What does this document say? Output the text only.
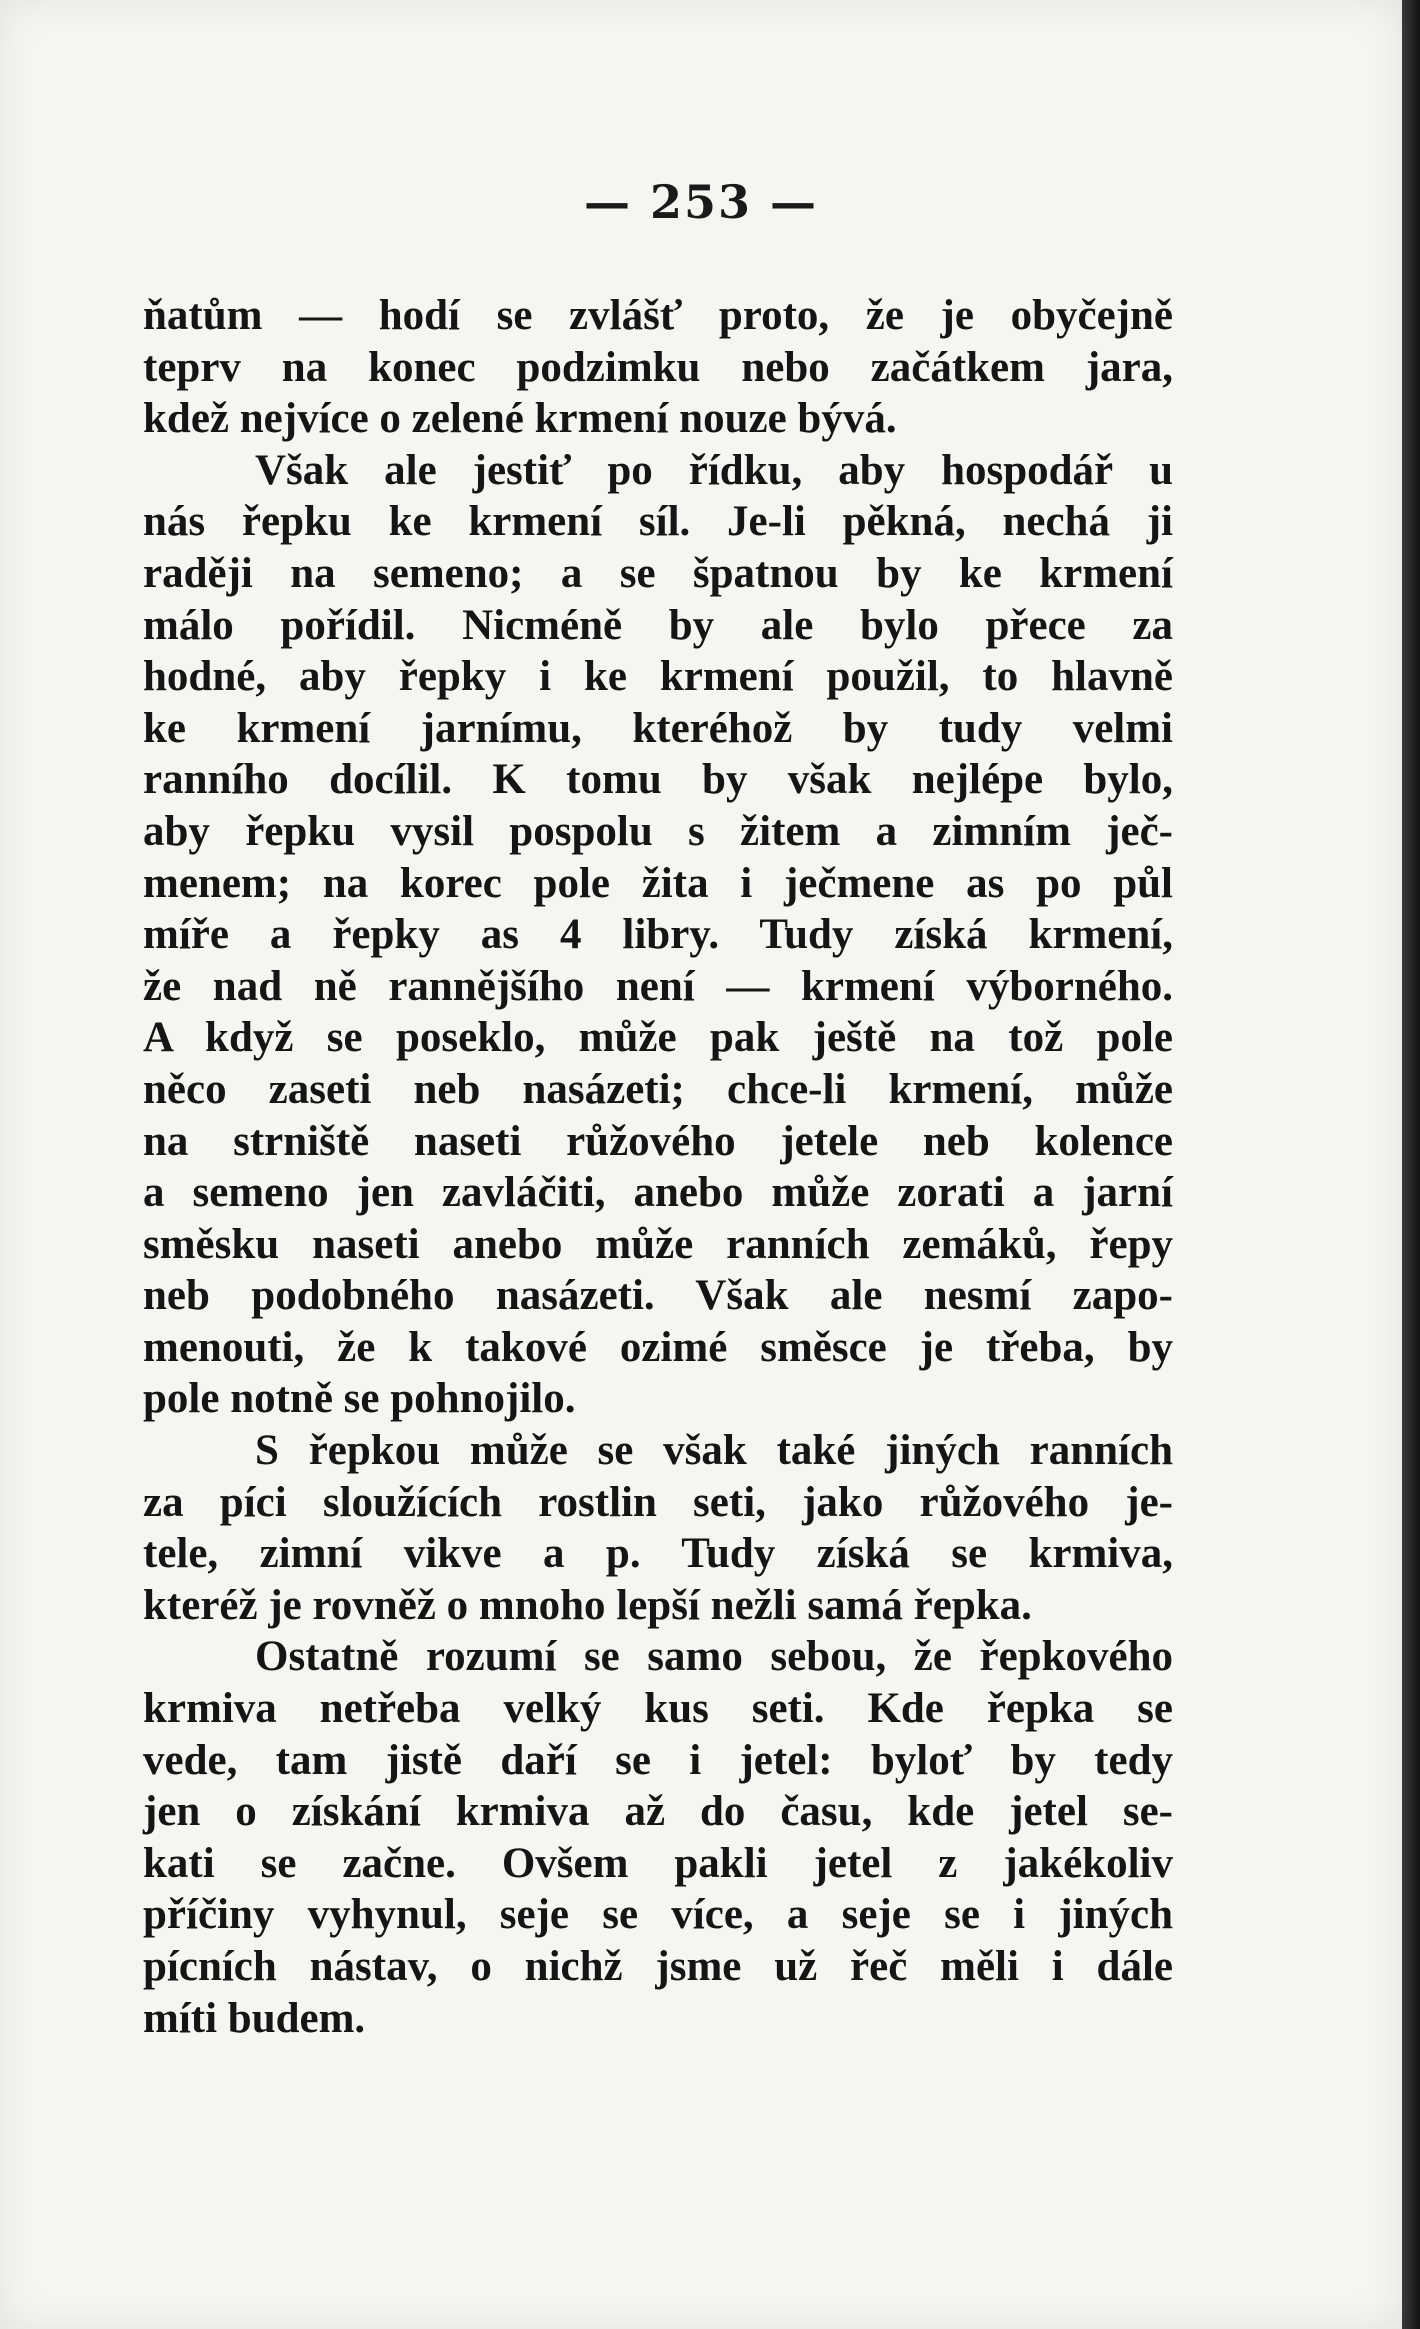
— 253 —
ňatům — hodí se zvlášť proto, že je obyčejně
teprv na konec podzimku nebo začátkem jara,
kdež nejvíce o zelené krmení nouze bývá.
Však ale jestiť po řídku, aby hospodář u
nás řepku ke krmení síl. Je-li pěkná, nechá ji
raději na semeno; a se špatnou by ke krmení
málo pořídil. Nicméně by ale bylo přece za
hodné, aby řepky i ke krmení použil, to hlavně
ke krmení jarnímu, kteréhož by tudy velmi
ranního docílil. K tomu by však nejlépe bylo,
aby řepku vysil pospolu s žitem a zimním ječ-
menem; na korec pole žita i ječmene as po půl
míře a řepky as 4 libry. Tudy získá krmení,
že nad ně rannějšího není — krmení výborného.
A když se poseklo, může pak ještě na tož pole
něco zaseti neb nasázeti; chce-li krmení, může
na strniště naseti růžového jetele neb kolence
a semeno jen zavláčiti, anebo může zorati a jarní
směsku naseti anebo může ranních zemáků, řepy
neb podobného nasázeti. Však ale nesmí zapo-
menouti, že k takové ozimé směsce je třeba, by
pole notně se pohnojilo.
S řepkou může se však také jiných ranních
za píci sloužících rostlin seti, jako růžového je-
tele, zimní vikve a p. Tudy získá se krmiva,
kteréž je rovněž o mnoho lepší nežli samá řepka.
Ostatně rozumí se samo sebou, že řepkového
krmiva netřeba velký kus seti. Kde řepka se
vede, tam jistě daří se i jetel: byloť by tedy
jen o získání krmiva až do času, kde jetel se-
kati se začne. Ovšem pakli jetel z jakékoliv
příčiny vyhynul, seje se více, a seje se i jiných
pícních nástav, o nichž jsme už řeč měli i dále
míti budem.
